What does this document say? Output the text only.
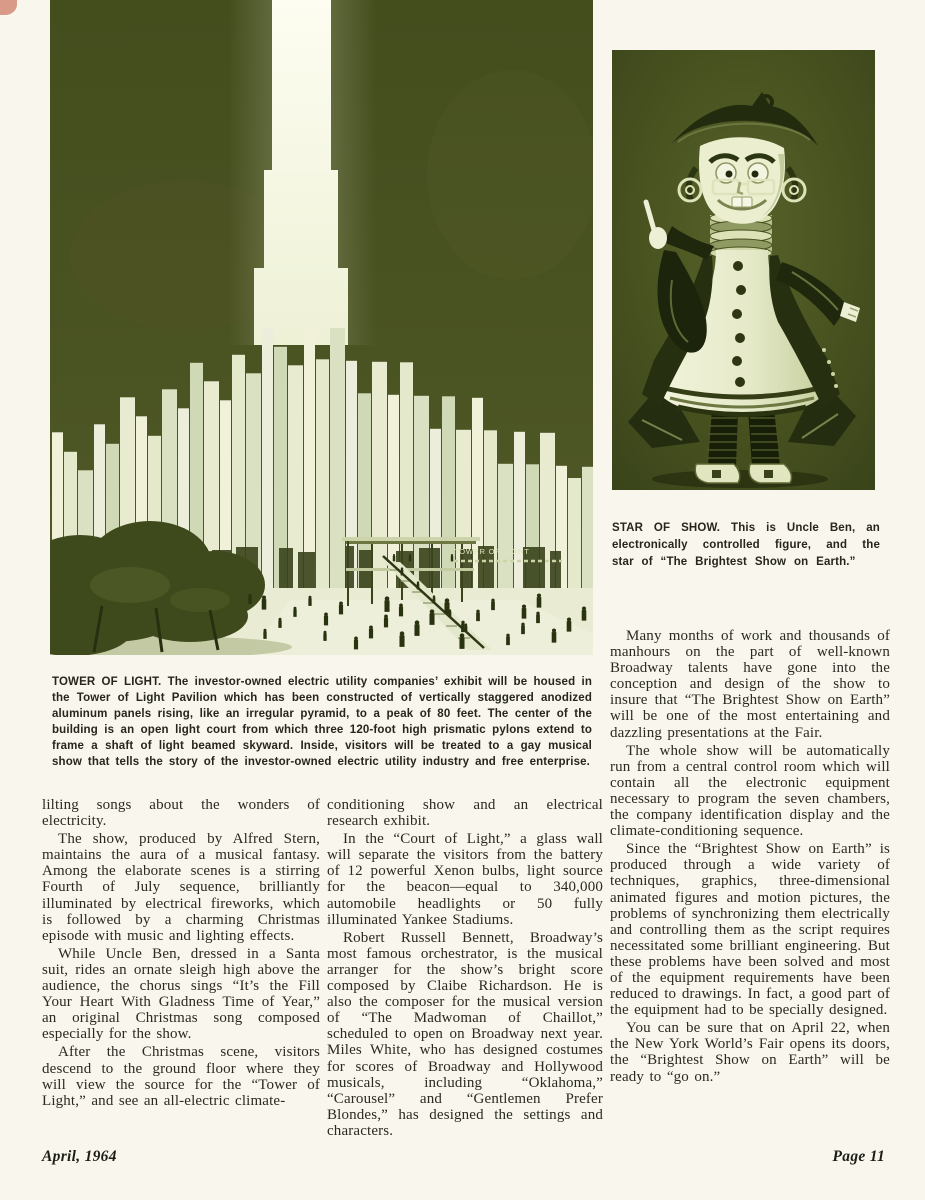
TOWER OF LIGHT

TOWER OF LIGHT. The investor-owned electric utility companies’ exhibit will be housed in the Tower of Light Pavilion which has been constructed of vertically staggered anodized aluminum panels rising, like an irregular pyramid, to a peak of 80 feet. The center of the building is an open light court from which three 120-foot high prismatic pylons extend to frame a shaft of light beamed skyward. Inside, visitors will be treated to a gay musical show that tells the story of the investor-owned electric utility industry and free enterprise.

STAR OF SHOW. This is Uncle Ben, an electronically controlled figure, and the star of “The Brightest Show on Earth.”

lilting songs about the wonders of electricity.

The show, produced by Alfred Stern, maintains the aura of a musical fantasy. Among the elaborate scenes is a stirring Fourth of July sequence, brilliantly illuminated by electrical fireworks, which is followed by a charming Christmas episode with music and lighting effects.

While Uncle Ben, dressed in a Santa suit, rides an ornate sleigh high above the audience, the chorus sings “It’s the Fill Your Heart With Gladness Time of Year,” an original Christmas song composed especially for the show.

After the Christmas scene, visitors descend to the ground floor where they will view the source for the “Tower of Light,” and see an all-electric climate-

conditioning show and an electrical research exhibit.

In the “Court of Light,” a glass wall will separate the visitors from the battery of 12 powerful Xenon bulbs, light source for the beacon—equal to 340,000 automobile headlights or 50 fully illuminated Yankee Stadiums.

Robert Russell Bennett, Broadway’s most famous orchestrator, is the musical arranger for the show’s bright score composed by Claibe Richardson. He is also the composer for the musical version of “The Madwoman of Chaillot,” scheduled to open on Broadway next year. Miles White, who has designed costumes for scores of Broadway and Hollywood musicals, including “Oklahoma,” “Carousel” and “Gentlemen Prefer Blondes,” has designed the settings and characters.

Many months of work and thousands of manhours on the part of well-known Broadway talents have gone into the conception and design of the show to insure that “The Brightest Show on Earth” will be one of the most entertaining and dazzling presentations at the Fair.

The whole show will be automatically run from a central control room which will contain all the electronic equipment necessary to program the seven chambers, the company identification display and the climate-conditioning sequence.

Since the “Brightest Show on Earth” is produced through a wide variety of techniques, graphics, three-dimensional animated figures and motion pictures, the problems of synchronizing them electrically and controlling them as the script requires necessitated some brilliant engineering. But these problems have been solved and most of the equipment requirements have been reduced to drawings. In fact, a good part of the equipment had to be specially designed.

You can be sure that on April 22, when the New York World’s Fair opens its doors, the “Brightest Show on Earth” will be ready to “go on.”

April, 1964	Page 11
